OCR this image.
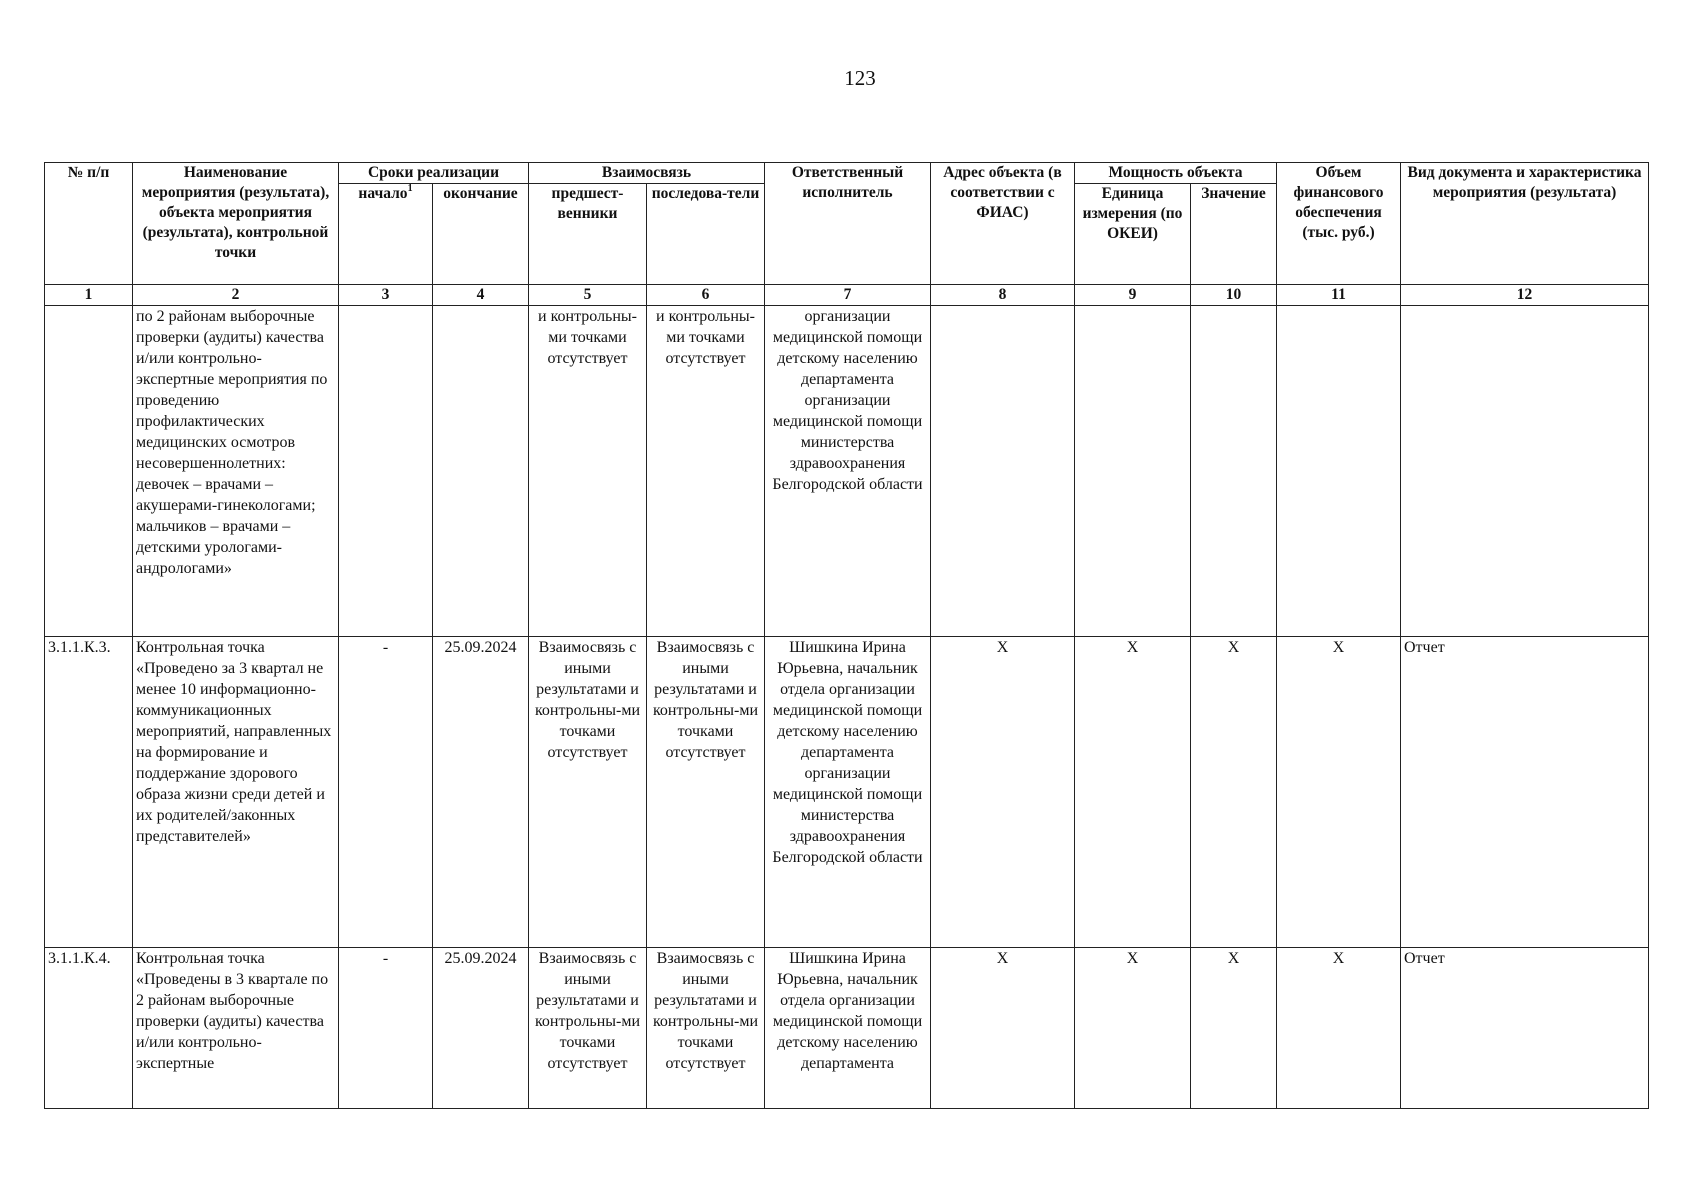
123
№ п/п	Наименование мероприятия (результата), объекта мероприятия (результата), контрольной точки	Сроки реализации		Взаимосвязь		Ответственный исполнитель	Адрес объекта (в соответствии с ФИАС)	Мощность объекта		Объем финансового обеспечения (тыс. руб.)	Вид документа и характеристика мероприятия (результата)
		начало$^1$	окончание	предшест-венники	последова-тели			Единица измерения (по ОКЕИ)	Значение		
1	2	3	4	5	6	7	8	9	10	11	12
	по 2 районам выборочные проверки (аудиты) качества и/или контрольно-экспертные мероприятия по проведению профилактических медицинских осмотров несовершеннолетних: девочек – врачами – акушерами-гинекологами; мальчиков – врачами – детскими урологами-андрологами»			и контрольны-ми точками отсутствует	и контрольны-ми точками отсутствует	организации медицинской помощи детскому населению департамента организации медицинской помощи министерства здравоохранения Белгородской области					
3.1.1.К.3.	Контрольная точка «Проведено за 3 квартал не менее 10 информационно-коммуникационных мероприятий, направленных на формирование и поддержание здорового образа жизни среди детей и их родителей/законных представителей»	-	25.09.2024	Взаимосвязь с иными результатами и контрольны-ми точками отсутствует	Взаимосвязь с иными результатами и контрольны-ми точками отсутствует	Шишкина Ирина Юрьевна, начальник отдела организации медицинской помощи детскому населению департамента организации медицинской помощи министерства здравоохранения Белгородской области	X	X	X	X	Отчет
3.1.1.К.4.	Контрольная точка «Проведены в 3 квартале по 2 районам выборочные проверки (аудиты) качества и/или контрольно-экспертные	-	25.09.2024	Взаимосвязь с иными результатами и контрольны-ми точками отсутствует	Взаимосвязь с иными результатами и контрольны-ми точками отсутствует	Шишкина Ирина Юрьевна, начальник отдела организации медицинской помощи детскому населению департамента	X	X	X	X	Отчет
